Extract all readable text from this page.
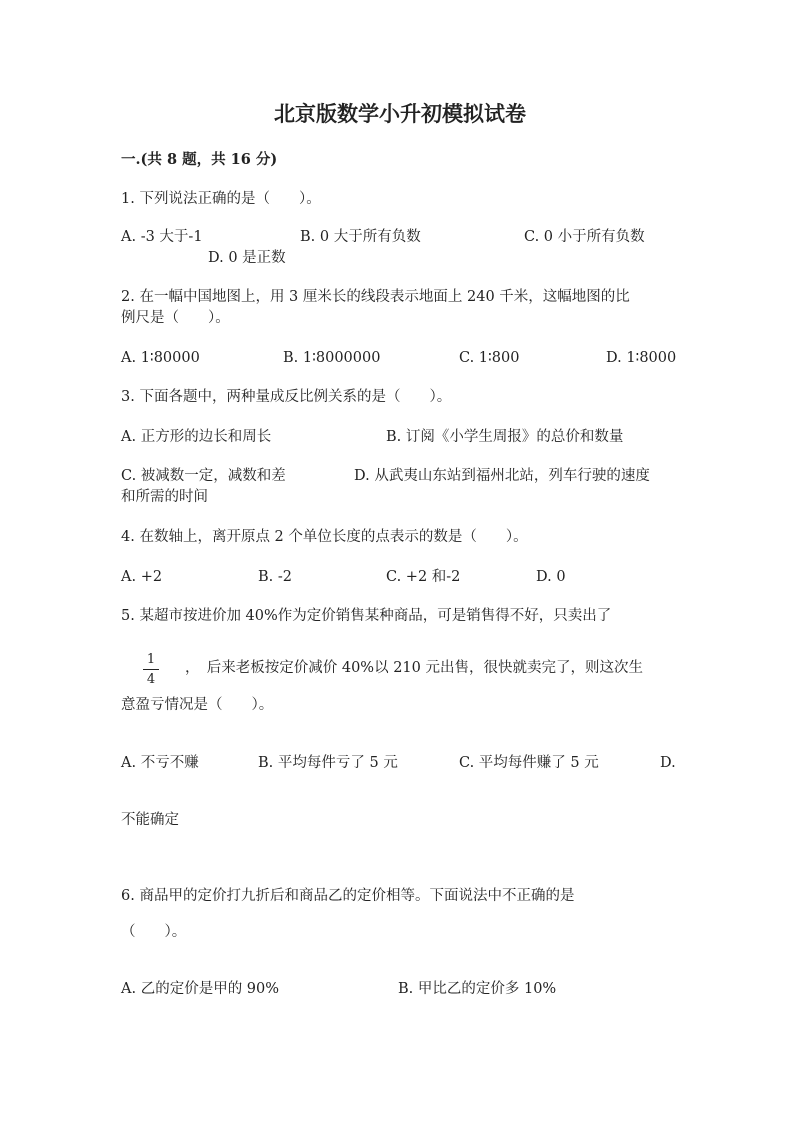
北京版数学小升初模拟试卷
一.(共 8 题，共 16 分)
1. 下列说法正确的是（　　）。
A. -3 大于-1	B. 0 大于所有负数	C. 0 小于所有负数
D. 0 是正数
2. 在一幅中国地图上，用 3 厘米长的线段表示地面上 240 千米，这幅地图的比
例尺是（　　）。
A. 1∶80000	B. 1∶8000000	C. 1∶800	D. 1∶8000
3. 下面各题中，两种量成反比例关系的是（　　）。
A. 正方形的边长和周长	B. 订阅《小学生周报》的总价和数量
C. 被减数一定，减数和差	D. 从武夷山东站到福州北站，列车行驶的速度
和所需的时间
4. 在数轴上，离开原点 2 个单位长度的点表示的数是（　　）。
A. +2	B. -2	C. +2 和-2	D. 0
5. 某超市按进价加 40%作为定价销售某种商品，可是销售得不好，只卖出了
1
4
，　后来老板按定价减价 40%以 210 元出售，很快就卖完了，则这次生
意盈亏情况是（　　）。
A. 不亏不赚	B. 平均每件亏了 5 元	C. 平均每件赚了 5 元	D.
不能确定
6. 商品甲的定价打九折后和商品乙的定价相等。下面说法中不正确的是
（　　）。
A. 乙的定价是甲的 90%	B. 甲比乙的定价多 10%
